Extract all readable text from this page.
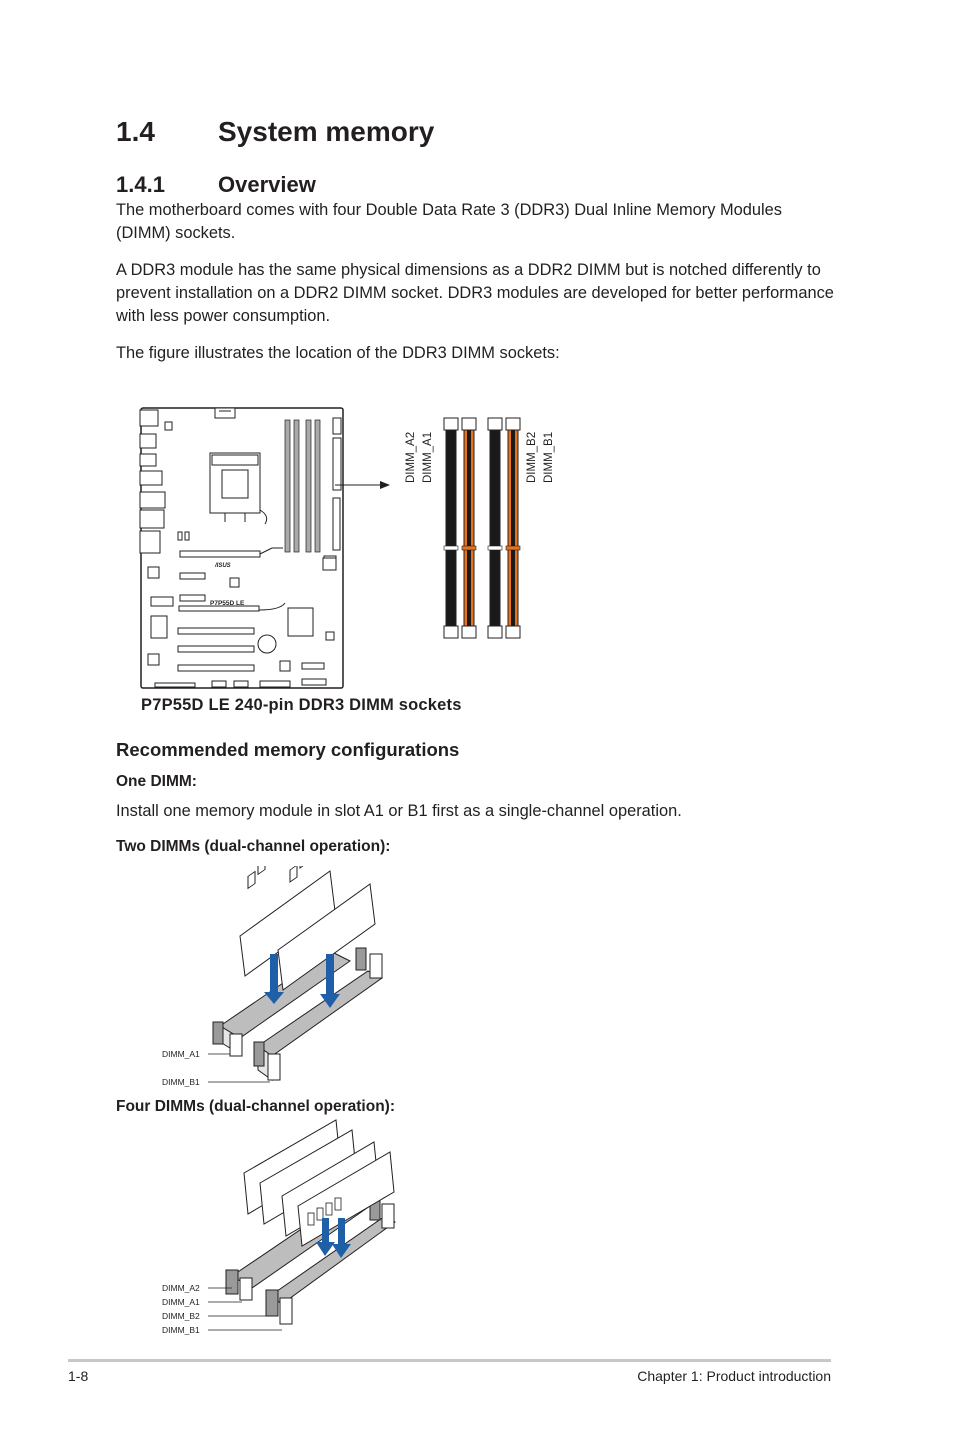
1.4 System memory
1.4.1 Overview

The motherboard comes with four Double Data Rate 3 (DDR3) Dual Inline Memory Modules (DIMM) sockets.

A DDR3 module has the same physical dimensions as a DDR2 DIMM but is notched differently to prevent installation on a DDR2 DIMM socket. DDR3 modules are developed for better performance with less power consumption.

The figure illustrates the location of the DDR3 DIMM sockets:

/ISUS
P7P55D LE
DIMM_A2 DIMM_A1	DIMM_B2 DIMM_B1

P7P55D LE 240-pin DDR3 DIMM sockets

Recommended memory configurations

One DIMM:

Install one memory module in slot A1 or B1 first as a single-channel operation.

Two DIMMs (dual-channel operation):

DIMM_A1
DIMM_B1

Four DIMMs (dual-channel operation):

DIMM_A2
DIMM_A1
DIMM_B2
DIMM_B1
1-8	Chapter 1: Product introduction
